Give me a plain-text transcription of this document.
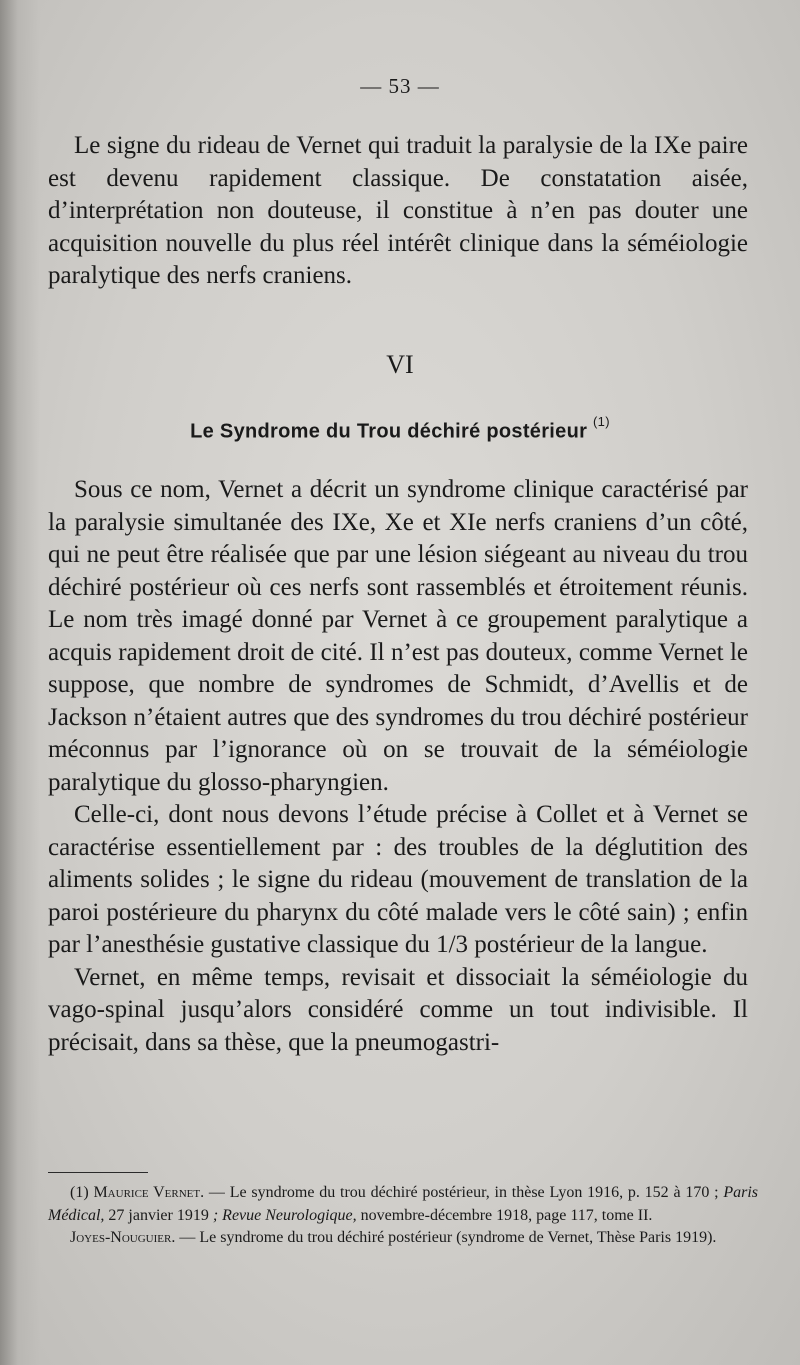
— 53 —

Le signe du rideau de Vernet qui traduit la paralysie de la IXe paire est devenu rapidement classique. De constatation aisée, d’interprétation non douteuse, il constitue à n’en pas douter une acquisition nouvelle du plus réel intérêt clinique dans la séméiologie paralytique des nerfs craniens.

VI
Le Syndrome du Trou déchiré postérieur $^{(1)}$

Sous ce nom, Vernet a décrit un syndrome clinique caractérisé par la paralysie simultanée des IXe, Xe et XIe nerfs craniens d’un côté, qui ne peut être réalisée que par une lésion siégeant au niveau du trou déchiré postérieur où ces nerfs sont rassemblés et étroitement réunis. Le nom très imagé donné par Vernet à ce groupement paralytique a acquis rapidement droit de cité. Il n’est pas douteux, comme Vernet le suppose, que nombre de syndromes de Schmidt, d’Avellis et de Jackson n’étaient autres que des syndromes du trou déchiré postérieur méconnus par l’ignorance où on se trouvait de la séméiologie paralytique du glosso-pharyngien.

Celle-ci, dont nous devons l’étude précise à Collet et à Vernet se caractérise essentiellement par : des troubles de la déglutition des aliments solides ; le signe du rideau (mouvement de translation de la paroi postérieure du pharynx du côté malade vers le côté sain) ; enfin par l’anesthésie gustative classique du 1/3 postérieur de la langue.

Vernet, en même temps, revisait et dissociait la séméiologie du vago-spinal jusqu’alors considéré comme un tout indivisible. Il précisait, dans sa thèse, que la pneumogastri-

(1) Maurice Vernet. — Le syndrome du trou déchiré postérieur, in thèse Lyon 1916, p. 152 à 170 ; Paris Médical, 27 janvier 1919 ; Revue Neurologique, novembre-décembre 1918, page 117, tome II.

Joyes-Nouguier. — Le syndrome du trou déchiré postérieur (syndrome de Vernet, Thèse Paris 1919).
